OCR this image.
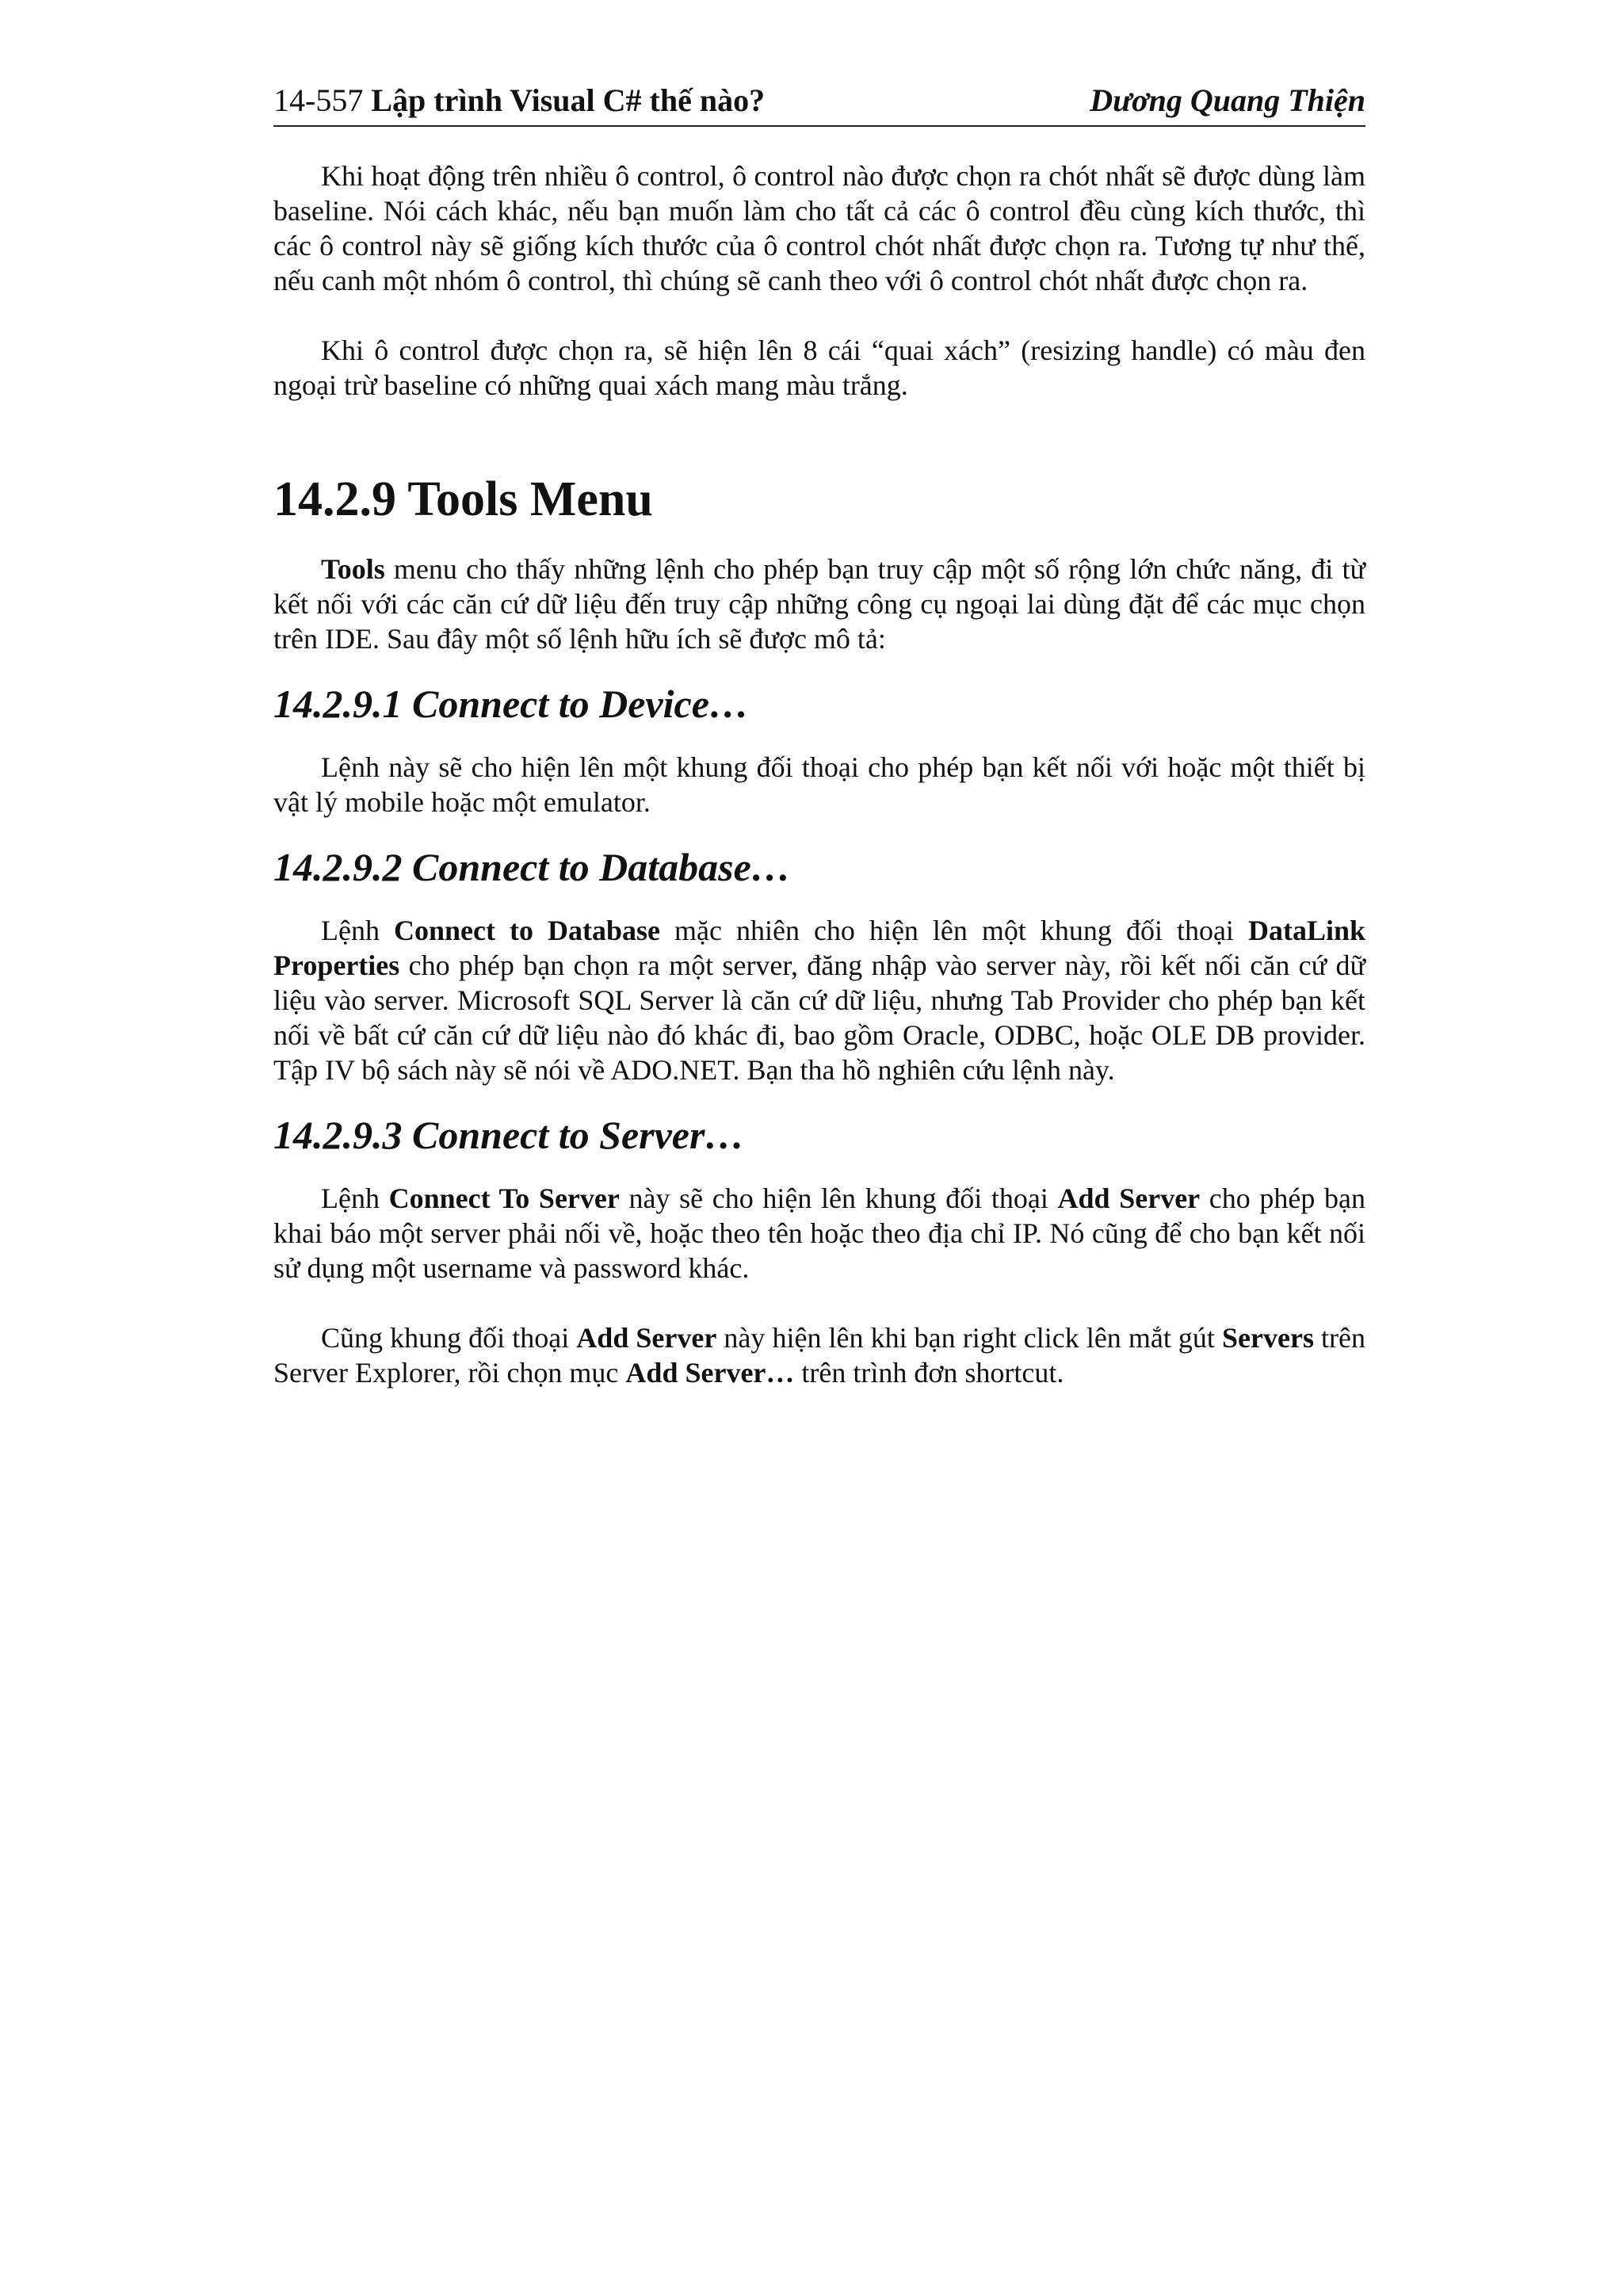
14-557 Lập trình Visual C# thế nào?	Dương Quang Thiện

Khi hoạt động trên nhiều ô control, ô control nào được chọn ra chót nhất sẽ được dùng làm baseline. Nói cách khác, nếu bạn muốn làm cho tất cả các ô control đều cùng kích thước, thì các ô control này sẽ giống kích thước của ô control chót nhất được chọn ra. Tương tự như thế, nếu canh một nhóm ô control, thì chúng sẽ canh theo với ô control chót nhất được chọn ra.

Khi ô control được chọn ra, sẽ hiện lên 8 cái “quai xách” (resizing handle) có màu đen ngoại trừ baseline có những quai xách mang màu trắng.

14.2.9 Tools Menu

Tools menu cho thấy những lệnh cho phép bạn truy cập một số rộng lớn chức năng, đi từ kết nối với các căn cứ dữ liệu đến truy cập những công cụ ngoại lai dùng đặt để các mục chọn trên IDE. Sau đây một số lệnh hữu ích sẽ được mô tả:

14.2.9.1 Connect to Device…

Lệnh này sẽ cho hiện lên một khung đối thoại cho phép bạn kết nối với hoặc một thiết bị vật lý mobile hoặc một emulator.

14.2.9.2 Connect to Database…

Lệnh Connect to Database mặc nhiên cho hiện lên một khung đối thoại DataLink Properties cho phép bạn chọn ra một server, đăng nhập vào server này, rồi kết nối căn cứ dữ liệu vào server. Microsoft SQL Server là căn cứ dữ liệu, nhưng Tab Provider cho phép bạn kết nối về bất cứ căn cứ dữ liệu nào đó khác đi, bao gồm Oracle, ODBC, hoặc OLE DB provider. Tập IV bộ sách này sẽ nói về ADO.NET. Bạn tha hồ nghiên cứu lệnh này.

14.2.9.3 Connect to Server…

Lệnh Connect To Server này sẽ cho hiện lên khung đối thoại Add Server cho phép bạn khai báo một server phải nối về, hoặc theo tên hoặc theo địa chỉ IP. Nó cũng để cho bạn kết nối sử dụng một username và password khác.

Cũng khung đối thoại Add Server này hiện lên khi bạn right click lên mắt gút Servers trên Server Explorer, rồi chọn mục Add Server… trên trình đơn shortcut.
